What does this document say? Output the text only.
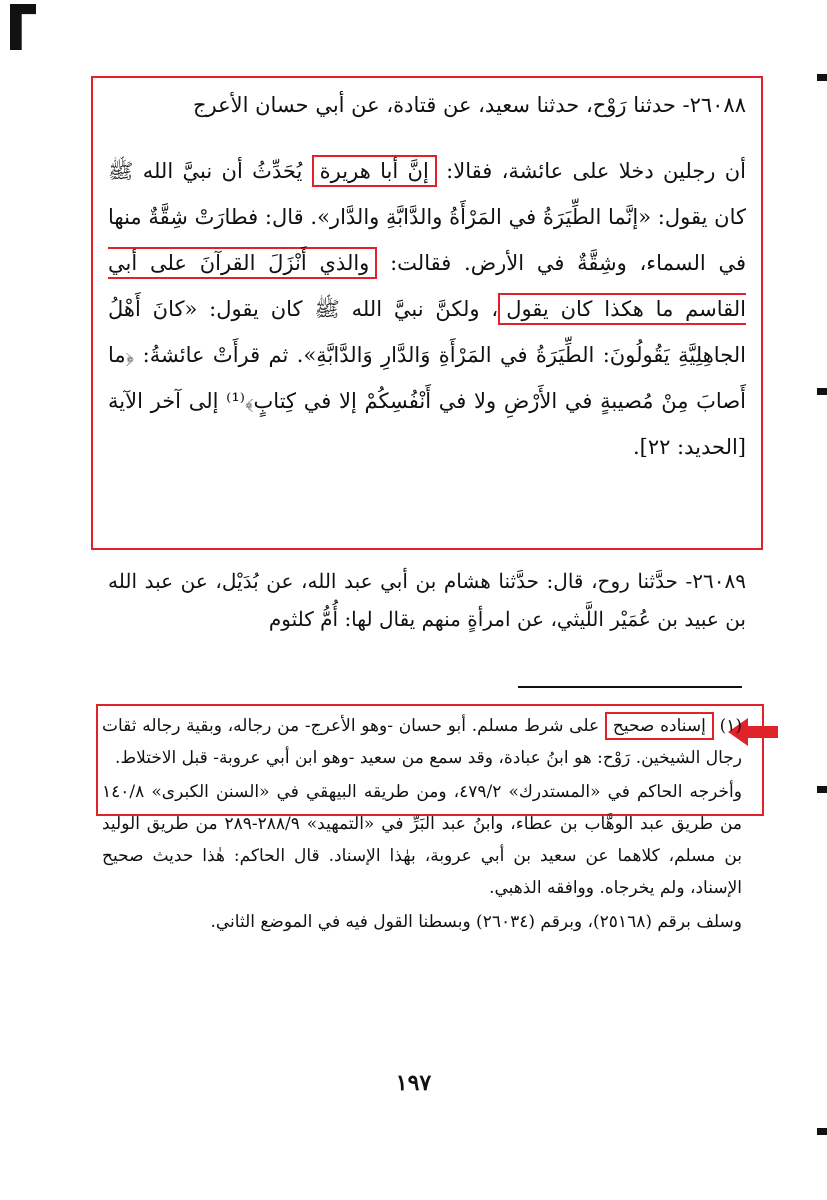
٢٦٠٨٨- حدثنا رَوْح، حدثنا سعيد، عن قتادة، عن أبي حسان الأعرج

أن رجلين دخلا على عائشة، فقالا: إنَّ أبا هريرة يُحَدِّثُ أن نبيَّ الله ﷺ كان يقول: «إنَّما الطِّيَرَةُ في المَرْأَةُ والدَّابَّةِ والدَّار». قال: فطارَتْ شِقَّةٌ منها في السماء، وشِقَّةٌ في الأرض. فقالت: والذي أَنْزَلَ القرآنَ على أبي القاسم ما هكذا كان يقول، ولكنَّ نبيَّ الله ﷺ كان يقول: «كانَ أَهْلُ الجاهِلِيَّةِ يَقُولُونَ: الطِّيَرَةُ في المَرْأَةِ وَالدَّارِ وَالدَّابَّةِ». ثم قرأَتْ عائشةُ: ﴿ما أَصابَ مِنْ مُصيبةٍ في الأَرْضِ ولا في أَنْفُسِكُمْ إلا في كِتابٍ﴾⁽¹⁾ إلى آخر الآية [الحديد: ٢٢].

٢٦٠٨٩- حدَّثنا روح، قال: حدَّثنا هشام بن أبي عبد الله، عن بُدَيْل، عن عبد الله بن عبيد بن عُمَيْر اللَّيثي، عن امرأةٍ منهم يقال لها: أُمُّ كلثوم

(١) إسناده صحيح على شرط مسلم. أبو حسان -وهو الأعرج- من رجاله، وبقية رجاله ثقات رجال الشيخين. رَوْح: هو ابنُ عبادة، وقد سمع من سعيد -وهو ابن أبي عروبة- قبل الاختلاط.

وأخرجه الحاكم في «المستدرك» ٤٧٩/٢، ومن طريقه البيهقي في «السنن الكبرى» ١٤٠/٨ من طريق عبد الوهَّاب بن عطاء، وابنُ عبد البَرِّ في «التمهيد» ٢٨٨/٩-٢٨٩ من طريق الوليد بن مسلم، كلاهما عن سعيد بن أبي عروبة، بهٰذا الإسناد. قال الحاكم: هٰذا حديث صحيح الإسناد، ولم يخرجاه. ووافقه الذهبي.

وسلف برقم (٢٥١٦٨)، وبرقم (٢٦٠٣٤) وبسطنا القول فيه في الموضع الثاني.

١٩٧
